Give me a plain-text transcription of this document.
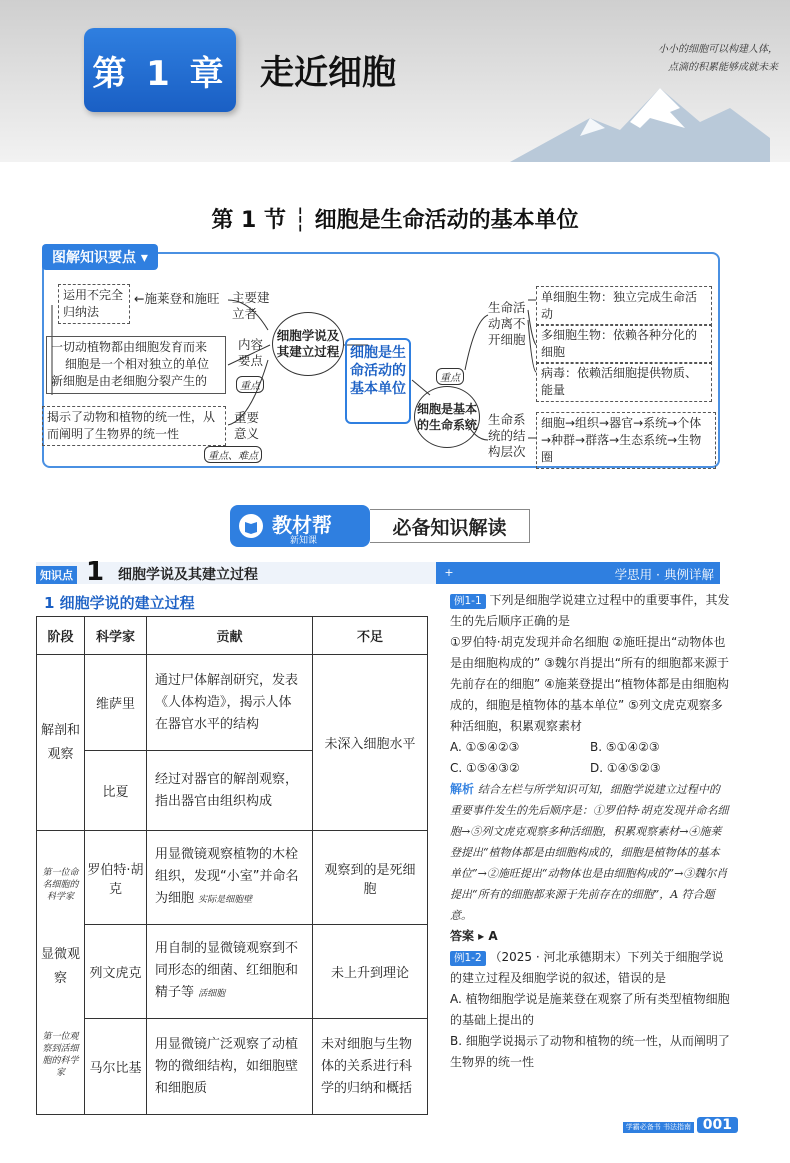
第 1 章 走近细胞
小小的细胞可以构建人体，
点滴的积累能够成就未来
第 1 节 ┆ 细胞是生命活动的基本单位
图解知识要点 ▾
运用不完全归纳法
←施莱登和施旺 主要建立者
一切动植物都由细胞发育而来
细胞是一个相对独立的单位
新细胞是由老细胞分裂产生的
内容要点
重点
揭示了动物和植物的统一性，从而阐明了生物界的统一性
重要意义
重点、难点
细胞学说及其建立过程 细胞是生命活动的基本单位
重点
细胞是基本的生命系统
生命活动离不开细胞
单细胞生物：独立完成生命活动
多细胞生物：依赖各种分化的细胞
病毒：依赖活细胞提供物质、能量
生命系统的结构层次
细胞→组织→器官→系统→个体→种群→群落→生态系统→生物圈
教材帮
新知课
必备知识解读
知识点 1 细胞学说及其建立过程	+	学思用 · 典例详解
1 细胞学说的建立过程
阶段	科学家	贡献	不足
解剖和观察	维萨里	通过尸体解剖研究，发表《人体构造》，揭示人体在器官水平的结构	未深入细胞水平
	比夏	经过对器官的解剖观察，指出器官由组织构成	

第一位命名细胞的科学家
显微观察
第一位观察到活细胞的科学家	罗伯特·胡克	用显微镜观察植物的木栓组织，发现“小室”并命名为细胞 实际是细胞壁	观察到的是死细胞
	列文虎克	用自制的显微镜观察到不同形态的细菌、红细胞和精子等 活细胞	未上升到理论
	马尔比基	用显微镜广泛观察了动植物的微细结构，如细胞壁和细胞质	未对细胞与生物体的关系进行科学的归纳和概括
例1-1 下列是细胞学说建立过程中的重要事件，其发生的先后顺序正确的是
①罗伯特·胡克发现并命名细胞 ②施旺提出“动物体也是由细胞构成的” ③魏尔肖提出“所有的细胞都来源于先前存在的细胞” ④施莱登提出“植物体都是由细胞构成的，细胞是植物体的基本单位” ⑤列文虎克观察多种活细胞，积累观察素材
A. ①⑤④②③	B. ⑤①④②③
C. ①⑤④③②	D. ①④⑤②③
解析 结合左栏与所学知识可知，细胞学说建立过程中的重要事件发生的先后顺序是：①罗伯特·胡克发现并命名细胞→⑤列文虎克观察多种活细胞，积累观察素材→④施莱登提出“植物体都是由细胞构成的，细胞是植物体的基本单位”→②施旺提出“动物体也是由细胞构成的”→③魏尔肖提出“所有的细胞都来源于先前存在的细胞”，A 符合题意。
答案 ▸ A
例1-2 （2025 · 河北承德期末）下列关于细胞学说的建立过程及细胞学说的叙述，错误的是
A. 植物细胞学说是施莱登在观察了所有类型植物细胞的基础上提出的
B. 细胞学说揭示了动物和植物的统一性，从而阐明了生物界的统一性
学霸必备书 书法指南 001
